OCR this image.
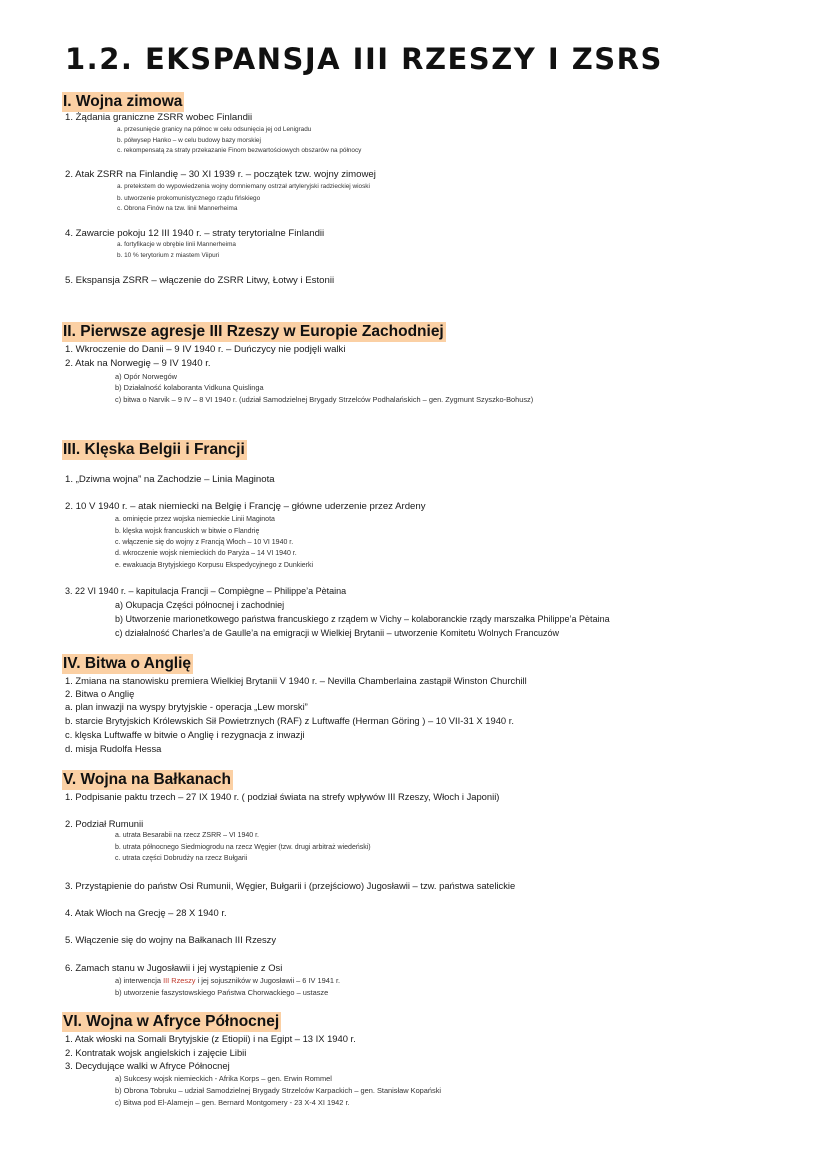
1.2. EKSPANSJA III RZESZY I ZSRS
I. Wojna zimowa
1. Żądania graniczne ZSRR wobec Finlandii
a. przesunięcie granicy na północ w celu odsunięcia jej od Lenigradu
b. półwysep Hanko – w celu budowy bazy morskiej
c. rekompensatą za straty przekazanie Finom bezwartościowych obszarów na północy
2. Atak ZSRR na Finlandię – 30 XI 1939 r. – początek tzw. wojny zimowej
a. pretekstem do wypowiedzenia wojny domniemany ostrzał artyleryjski radzieckiej wioski
b. utworzenie prokomunistycznego rządu fińskiego
c. Obrona Finów na tzw. linii Mannerheima
4. Zawarcie pokoju 12 III 1940 r. – straty terytorialne Finlandii
a. fortyfikacje w obrębie linii Mannerheima
b. 10 % terytorium z miastem Viipuri
5. Ekspansja ZSRR – włączenie do ZSRR Litwy, Łotwy i Estonii
II. Pierwsze agresje III Rzeszy w Europie Zachodniej
1. Wkroczenie do Danii – 9 IV 1940 r. – Duńczycy nie podjęli walki
2. Atak na Norwegię – 9 IV 1940 r.
a) Opór Norwegów
b) Działalność kolaboranta Vidkuna Quislinga
c) bitwa o Narvik – 9 IV – 8 VI 1940 r. (udział Samodzielnej Brygady Strzelców Podhalańskich – gen. Zygmunt Szyszko-Bohusz)
III. Klęska Belgii i Francji
1. „Dziwna wojna” na Zachodzie – Linia Maginota
2. 10 V 1940 r. – atak niemiecki na Belgię i Francję – główne uderzenie przez Ardeny
a. ominięcie przez wojska niemieckie Linii Maginota
b. klęska wojsk francuskich w bitwie o Flandrię
c. włączenie się do wojny z Francją Włoch – 10 VI 1940 r.
d. wkroczenie wojsk niemieckich do Paryża – 14 VI 1940 r.
e. ewakuacja Brytyjskiego Korpusu Ekspedycyjnego z Dunkierki
3. 22 VI 1940 r. – kapitulacja Francji – Compiègne – Philippe’a Pètaina
a) Okupacja Części północnej i zachodniej
b) Utworzenie marionetkowego państwa francuskiego z rządem w Vichy – kolaboranckie rządy marszałka Philippe’a Pètaina
c) działalność Charles’a de Gaulle’a na emigracji w Wielkiej Brytanii – utworzenie Komitetu Wolnych Francuzów
IV. Bitwa o Anglię
1. Zmiana na stanowisku premiera Wielkiej Brytanii V 1940 r. – Nevilla Chamberlaina zastąpił Winston Churchill
2. Bitwa o Anglię
a. plan inwazji na wyspy brytyjskie - operacja „Lew morski”
b. starcie Brytyjskich Królewskich Sił Powietrznych (RAF) z Luftwaffe (Herman Göring ) – 10 VII-31 X 1940 r.
c. klęska Luftwaffe w bitwie o Anglię i rezygnacja z inwazji
d. misja Rudolfa Hessa
V. Wojna na Bałkanach
1. Podpisanie paktu trzech – 27 IX 1940 r. ( podział świata na strefy wpływów III Rzeszy, Włoch i Japonii)
2. Podział Rumunii
a. utrata Besarabii na rzecz ZSRR – VI 1940 r.
b. utrata północnego Siedmiogrodu na rzecz Węgier (tzw. drugi arbitraż wiedeński)
c. utrata części Dobrudży na rzecz Bułgarii
3. Przystąpienie do państw Osi Rumunii, Węgier, Bułgarii i (przejściowo) Jugosławii – tzw. państwa satelickie
4. Atak Włoch na Grecję – 28 X 1940 r.
5. Włączenie się do wojny na Bałkanach III Rzeszy
6. Zamach stanu w Jugosławii i jej wystąpienie z Osi
a) interwencja III Rzeszy i jej sojuszników w Jugosławii – 6 IV 1941 r.
b) utworzenie faszystowskiego Państwa Chorwackiego – ustasze
VI. Wojna w Afryce Północnej
1. Atak włoski na Somali Brytyjskie (z Etiopii) i na Egipt – 13 IX 1940 r.
2. Kontratak wojsk angielskich i zajęcie Libii
3. Decydujące walki w Afryce Północnej
a) Sukcesy wojsk niemieckich - Afrika Korps – gen. Erwin Rommel
b) Obrona Tobruku – udział Samodzielnej Brygady Strzelców Karpackich – gen. Stanisław Kopański
c) Bitwa pod El-Alamejn – gen. Bernard Montgomery - 23 X-4 XI 1942 r.
